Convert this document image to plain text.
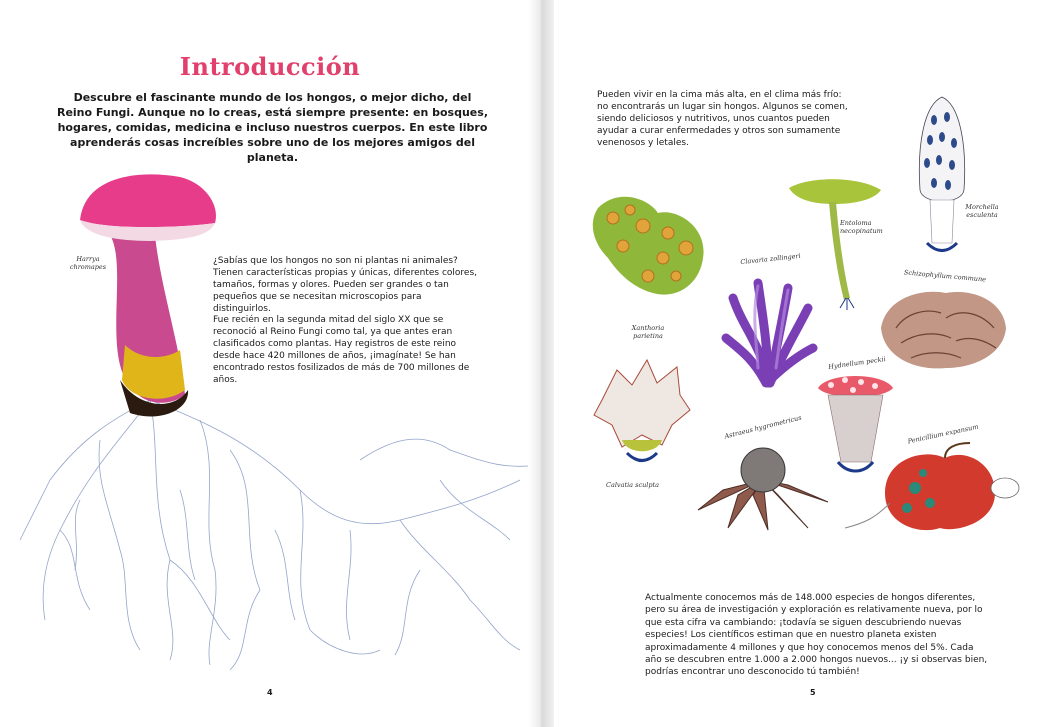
Introducción
Descubre el fascinante mundo de los hongos, o mejor dicho, del Reino Fungi. Aunque no lo creas, está siempre presente: en bosques, hogares, comidas, medicina e incluso nuestros cuerpos. En este libro aprenderás cosas increíbles sobre uno de los mejores amigos del planeta.
Harrya
chromapes
¿Sabías que los hongos no son ni plantas ni animales? Tienen características propias y únicas, diferentes colores, tamaños, formas y olores. Pueden ser grandes o tan pequeños que se necesitan microscopios para distinguirlos.
Fue recién en la segunda mitad del siglo XX que se reconoció al Reino Fungi como tal, ya que antes eran clasificados como plantas. Hay registros de este reino desde hace 420 millones de años, ¡imagínate! Se han encontrado restos fosilizados de más de 700 millones de años.
4
Pueden vivir en la cima más alta, en el clima más frío: no encontrarás un lugar sin hongos. Algunos se comen, siendo deliciosos y nutritivos, unos cuantos pueden ayudar a curar enfermedades y otros son sumamente venenosos y letales.
Xanthoria
parietina
Entoloma
necopinatum
Morchella
esculenta
Clavaria zollingeri
Schizophyllum commune
Calvatia sculpta
Hydnellum peckii
Astraeus hygrometricus	Penicillium expansum
Actualmente conocemos más de 148.000 especies de hongos diferentes, pero su área de investigación y exploración es relativamente nueva, por lo que esta cifra va cambiando: ¡todavía se siguen descubriendo nuevas especies! Los científicos estiman que en nuestro planeta existen aproximadamente 4 millones y que hoy conocemos menos del 5%. Cada año se descubren entre 1.000 a 2.000 hongos nuevos... ¡y si observas bien, podrías encontrar uno desconocido tú también!
5
